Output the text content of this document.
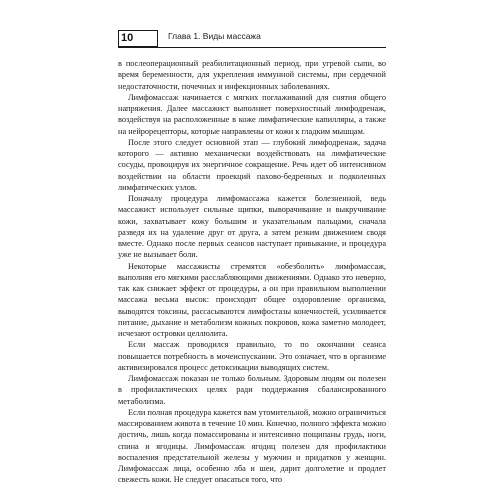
10	Глава 1. Виды массажа

в послеоперационный реабилитационный период, при угревой сыпи, во время беременности, для укрепления иммунной системы, при сердечной недостаточности, почечных и инфекционных заболеваниях.

Лимфомассаж начинается с мягких поглаживаний для снятия общего напряжения. Далее массажист выполняет поверхностный лимфодренаж, воздействуя на расположенные в коже лимфатические капилляры, а также на нейрорецепторы, которые направлены от кожи к гладким мышцам.

После этого следует основной этап — глубокий лимфодренаж, задача которого — активно механически воздействовать на лимфатические сосуды, провоцируя их энергичное сокращение. Речь идет об интенсивном воздействии на области проекций пахово-бедренных и подколенных лимфатических узлов.

Поначалу процедура лимфомассажа кажется болезненной, ведь массажист использует сильные щипки, выворачивание и выкручивание кожи, захватывает кожу большим и указательным пальцами, сначала разведя их на удаление друг от друга, а затем резким движением сводя вместе. Однако после первых сеансов наступает привыкание, и процедура уже не вызывает боли.

Некоторые массажисты стремятся «обезболить» лимфомассаж, выполняя его мягкими расслабляющими движениями. Однако это неверно, так как снижает эффект от процедуры, а он при правильном выполнении массажа весьма высок: происходит общее оздоровление организма, выводятся токсины, рассасываются лимфостазы конечностей, усиливается питание, дыхание и метаболизм кожных покровов, кожа заметно молодеет, исчезают островки целлюлита.

Если массаж проводился правильно, то по окончании сеанса повышается потребность в мочеиспускании. Это означает, что в организме активизировался процесс детоксикации выводящих систем.

Лимфомассаж показан не только больным. Здоровым людям он полезен в профилактических целях ради поддержания сбалансированного метаболизма.

Если полная процедура кажется вам утомительной, можно ограничиться массированием живота в течение 10 мин. Конечно, полного эффекта можно достичь, лишь когда помассированы и интенсивно пощипаны грудь, ноги, спина и ягодицы. Лимфомассаж ягодиц полезен для профилактики воспаления предстательной железы у мужчин и придатков у женщин. Лимфомассаж лица, особенно лба и шеи, дарит долголетие и продлет свежесть кожи. Не следует опасаться того, что
